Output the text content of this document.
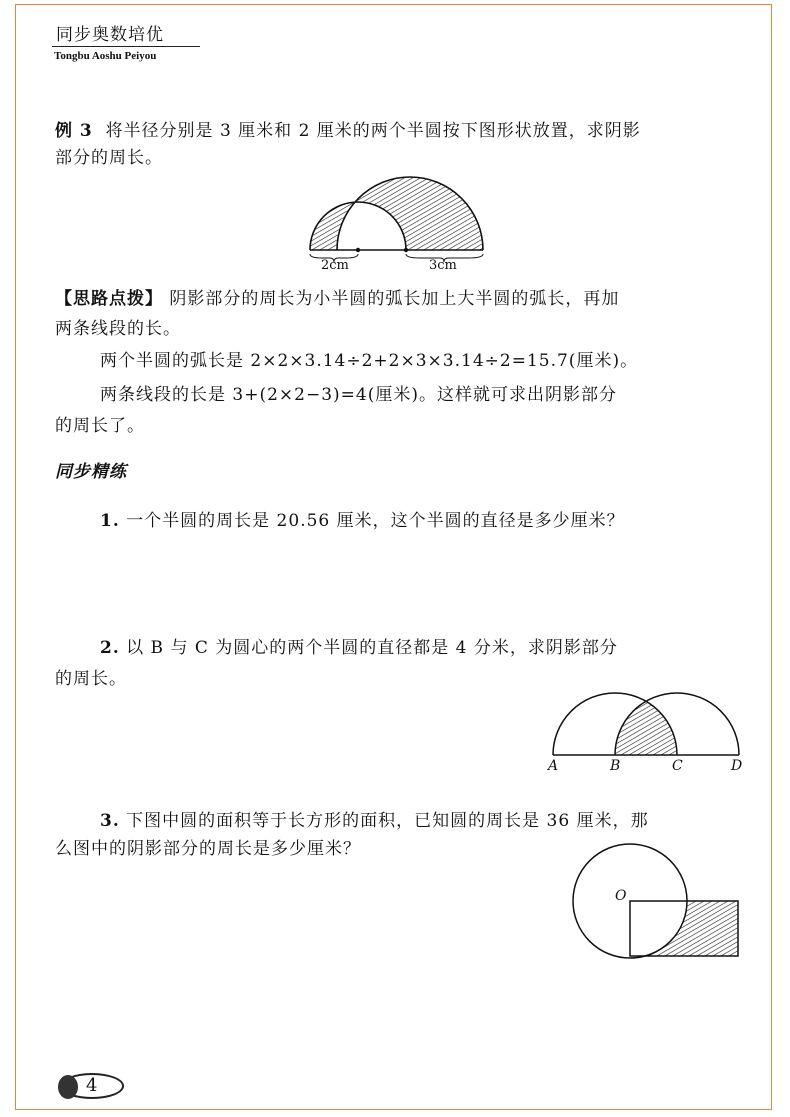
同步奥数培优
Tongbu Aoshu Peiyou
例 3 将半径分别是 3 厘米和 2 厘米的两个半圆按下图形状放置，求阴影
部分的周长。
2cm	3cm
【思路点拨】 阴影部分的周长为小半圆的弧长加上大半圆的弧长，再加
两条线段的长。
两个半圆的弧长是 2×2×3.14÷2+2×3×3.14÷2=15.7(厘米)。
两条线段的长是 3+(2×2−3)=4(厘米)。这样就可求出阴影部分
的周长了。
同步精练
1. 一个半圆的周长是 20.56 厘米，这个半圆的直径是多少厘米？
2. 以 B 与 C 为圆心的两个半圆的直径都是 4 分米，求阴影部分
的周长。
A	B	C	D
3. 下图中圆的面积等于长方形的面积，已知圆的周长是 36 厘米，那
么图中的阴影部分的周长是多少厘米？
O
4
